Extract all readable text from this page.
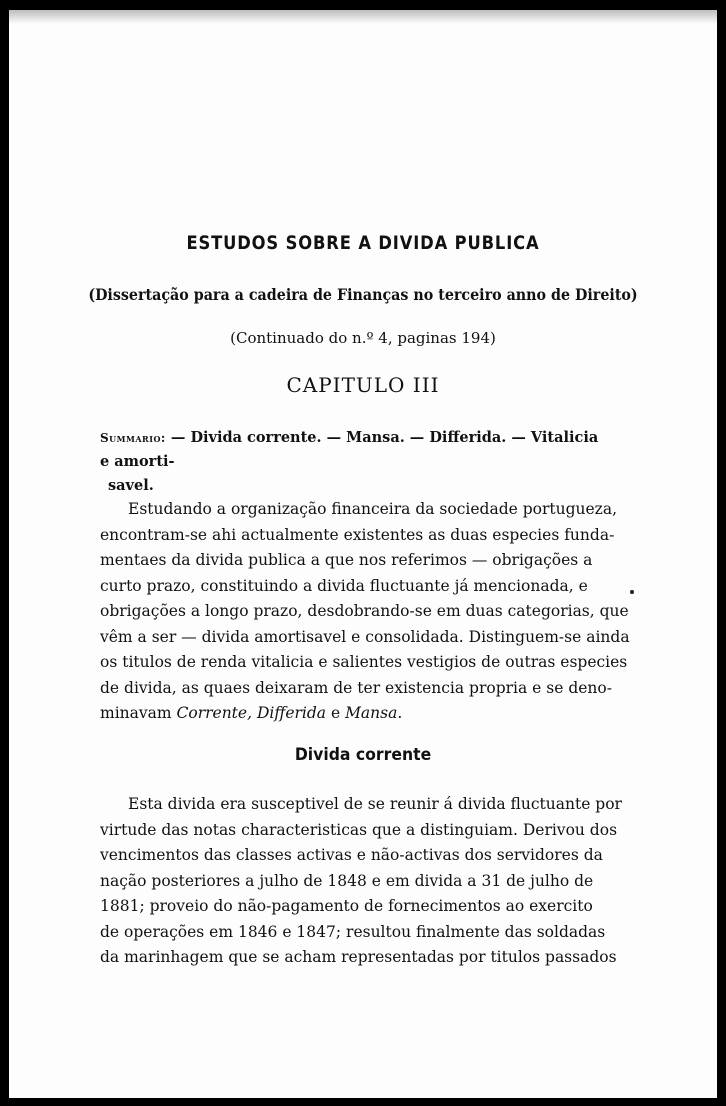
ESTUDOS SOBRE A DIVIDA PUBLICA
(Dissertação para a cadeira de Finanças no terceiro anno de Direito)
(Continuado do n.º 4, paginas 194)
CAPITULO III
Summario: — Divida corrente. — Mansa. — Differida. — Vitalicia e amorti-
savel.
Estudando a organização financeira da sociedade portugueza,
encontram-se ahi actualmente existentes as duas especies funda-
mentaes da divida publica a que nos referimos — obrigações a
curto prazo, constituindo a divida fluctuante já mencionada, e
obrigações a longo prazo, desdobrando-se em duas categorias, que
vêm a ser — divida amortisavel e consolidada. Distinguem-se ainda
os titulos de renda vitalicia e salientes vestigios de outras especies
de divida, as quaes deixaram de ter existencia propria e se deno-
minavam Corrente, Differida e Mansa.
Divida corrente
Esta divida era susceptivel de se reunir á divida fluctuante por
virtude das notas characteristicas que a distinguiam. Derivou dos
vencimentos das classes activas e não-activas dos servidores da
nação posteriores a julho de 1848 e em divida a 31 de julho de
1881; proveio do não-pagamento de fornecimentos ao exercito
de operações em 1846 e 1847; resultou finalmente das soldadas
da marinhagem que se acham representadas por titulos passados
